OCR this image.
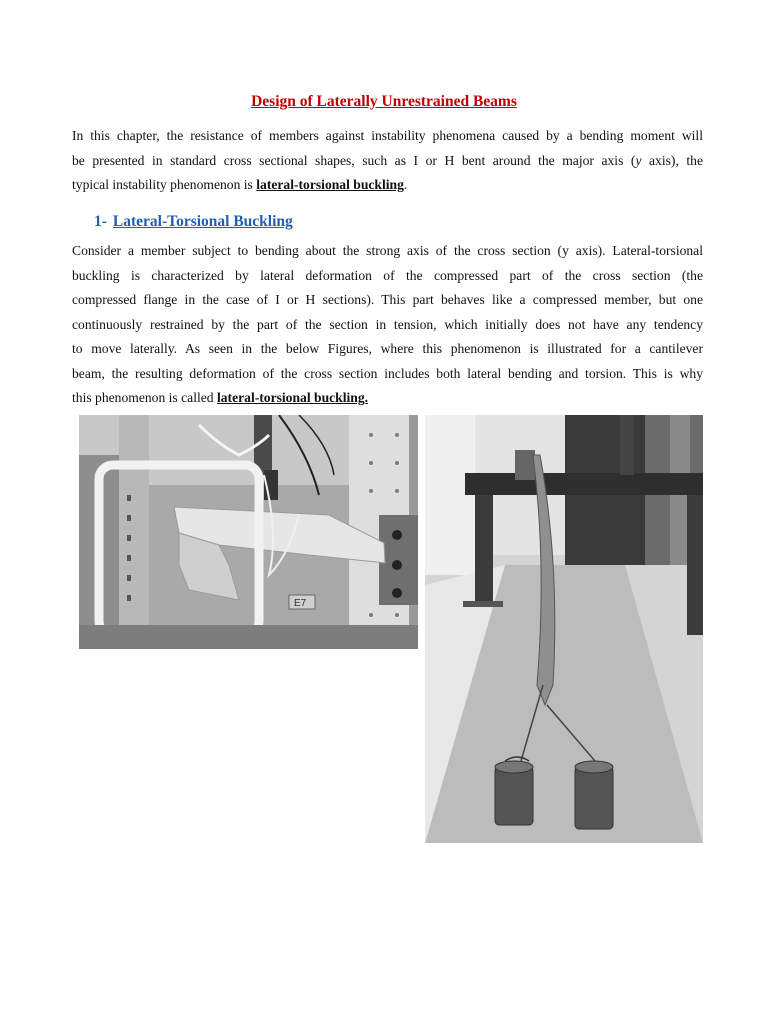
Design of Laterally Unrestrained Beams

In this chapter, the resistance of members against instability phenomena caused by a bending moment will
be presented in standard cross sectional shapes, such as I or H bent around the major axis (y axis), the
typical instability phenomenon is lateral-torsional buckling.

1- Lateral-Torsional Buckling

Consider a member subject to bending about the strong axis of the cross section (y axis). Lateral-torsional
buckling is characterized by lateral deformation of the compressed part of the cross section (the
compressed flange in the case of I or H sections). This part behaves like a compressed member, but one
continuously restrained by the part of the section in tension, which initially does not have any tendency
to move laterally. As seen in the below Figures, where this phenomenon is illustrated for a cantilever
beam, the resulting deformation of the cross section includes both lateral bending and torsion. This is why
this phenomenon is called lateral-torsional buckling.

E7
